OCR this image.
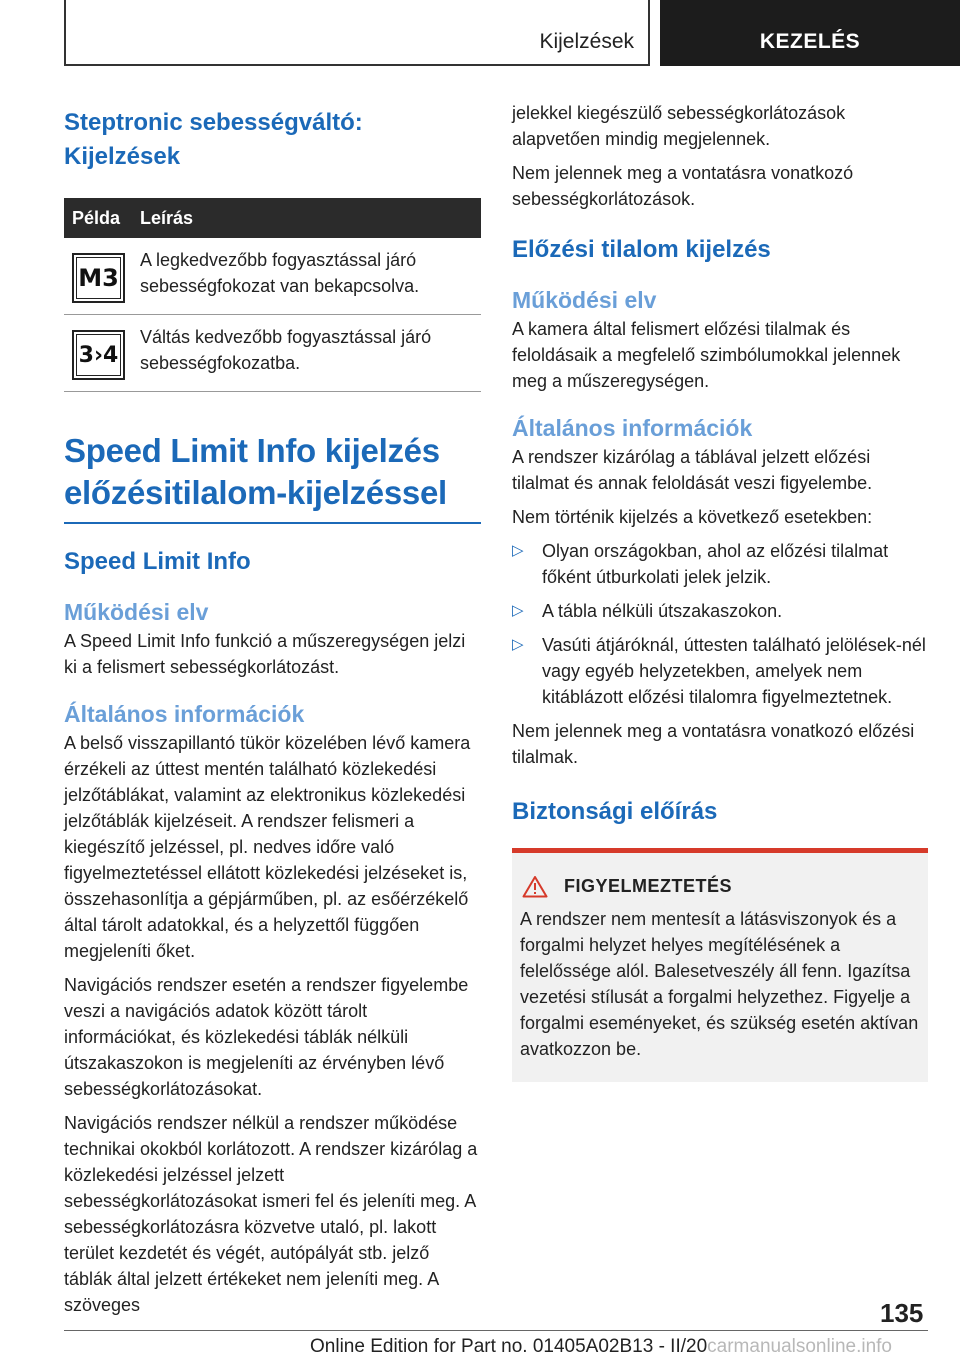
Kijelzések	KEZELÉS
Steptronic sebességváltó: Kijelzések
Példa	Leírás
M3
A legkedvezőbb fogyasztással járó sebességfokozat van bekapcsolva.
3›4
Váltás kedvezőbb fogyasztással járó sebességfokozatba.
Speed Limit Info kijelzés előzésitilalom-kijelzéssel
Speed Limit Info
Működési elv

A Speed Limit Info funkció a műszeregységen jelzi ki a felismert sebességkorlátozást.

Általános információk

A belső visszapillantó tükör közelében lévő kamera érzékeli az úttest mentén található közlekedési jelzőtáblákat, valamint az elektronikus közlekedési jelzőtáblák kijelzéseit. A rendszer felismeri a kiegészítő jelzéssel, pl. nedves időre való figyelmeztetéssel ellátott közlekedési jelzéseket is, összehasonlítja a gépjárműben, pl. az esőérzékelő által tárolt adatokkal, és a helyzettől függően megjeleníti őket.

Navigációs rendszer esetén a rendszer figyelembe veszi a navigációs adatok között tárolt információkat, és közlekedési táblák nélküli útszakaszokon is megjeleníti az érvényben lévő sebességkorlátozásokat.

Navigációs rendszer nélkül a rendszer működése technikai okokból korlátozott. A rendszer kizárólag a közlekedési jelzéssel jelzett sebességkorlátozásokat ismeri fel és jeleníti meg. A sebességkorlátozásra közvetve utaló, pl. lakott terület kezdetét és végét, autópályát stb. jelző táblák által jelzett értékeket nem jeleníti meg. A szöveges

jelekkel kiegészülő sebességkorlátozások alapvetően mindig megjelennek.

Nem jelennek meg a vontatásra vonatkozó sebességkorlátozások.

Előzési tilalom kijelzés
Működési elv

A kamera által felismert előzési tilalmak és feloldásaik a megfelelő szimbólumokkal jelennek meg a műszeregységen.

Általános információk

A rendszer kizárólag a táblával jelzett előzési tilalmat és annak feloldását veszi figyelembe.

Nem történik kijelzés a következő esetekben:

▷ Olyan országokban, ahol az előzési tilalmat főként útburkolati jelek jelzik.
▷ A tábla nélküli útszakaszokon.
▷ Vasúti átjáróknál, úttesten található jelölések-nél vagy egyéb helyzetekben, amelyek nem kitáblázott előzési tilalomra figyelmeztetnek.

Nem jelennek meg a vontatásra vonatkozó előzési tilalmak.

Biztonsági előírás
FIGYELMEZTETÉS

A rendszer nem mentesít a látásviszonyok és a forgalmi helyzet helyes megítélésének a felelőssége alól. Balesetveszély áll fenn. Igazítsa vezetési stílusát a forgalmi helyzethez. Figyelje a forgalmi eseményeket, és szükség esetén aktívan avatkozzon be.

135
Online Edition for Part no. 01405A02B13 - II/20carmanualsonline.info
